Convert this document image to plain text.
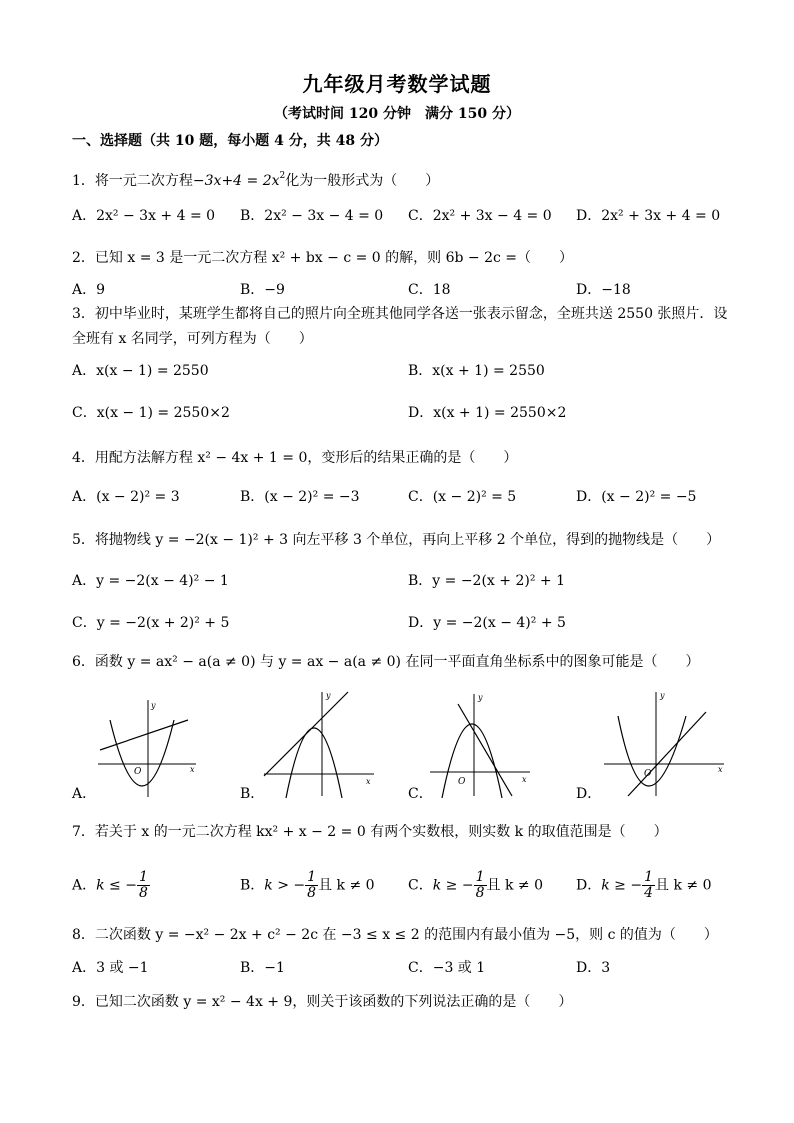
九年级月考数学试题
（考试时间 120 分钟　满分 150 分）
一、选择题（共 10 题，每小题 4 分，共 48 分）
1．将一元二次方程$-3x+4 = 2x^2$化为一般形式为（　　）
A．2x² − 3x + 4 = 0 B．2x² − 3x − 4 = 0 C．2x² + 3x − 4 = 0 D．2x² + 3x + 4 = 0
2．已知 x = 3 是一元二次方程 x² + bx − c = 0 的解，则 6b − 2c =（　　）
A．9	B．−9	C．18	D．−18
3．初中毕业时，某班学生都将自己的照片向全班其他同学各送一张表示留念，全班共送 2550 张照片．设
全班有 x 名同学，可列方程为（　　）
A．x(x − 1) = 2550	B．x(x + 1) = 2550
C．x(x − 1) = 2550×2	D．x(x + 1) = 2550×2
4．用配方法解方程 x² − 4x + 1 = 0，变形后的结果正确的是（　　）
A．(x − 2)² = 3	B．(x − 2)² = −3	C．(x − 2)² = 5	D．(x − 2)² = −5
5．将抛物线 y = −2(x − 1)² + 3 向左平移 3 个单位，再向上平移 2 个单位，得到的抛物线是（　　）
A．y = −2(x − 4)² − 1	B．y = −2(x + 2)² + 1
C．y = −2(x + 2)² + 5	D．y = −2(x − 4)² + 5
6．函数 y = ax² − a(a ≠ 0) 与 y = ax − a(a ≠ 0) 在同一平面直角坐标系中的图象可能是（　　）
A．
O	x
y
B．
x
y
C．
O	x
y
D．
O	x
y
7．若关于 x 的一元二次方程 kx² + x − 2 = 0 有两个实数根，则实数 k 的取值范围是（　　）
A．k ≤ − $\frac{1}{8}$	B．k > − $\frac{1}{8}$ 且 k ≠ 0 C．k ≥ − $\frac{1}{8}$ 且 k ≠ 0 D．k ≥ − $\frac{1}{4}$ 且 k ≠ 0
8．二次函数 y = −x² − 2x + c² − 2c 在 −3 ≤ x ≤ 2 的范围内有最小值为 −5，则 c 的值为（　　）
A．3 或 −1	B．−1	C．−3 或 1	D．3
9．已知二次函数 y = x² − 4x + 9，则关于该函数的下列说法正确的是（　　）
